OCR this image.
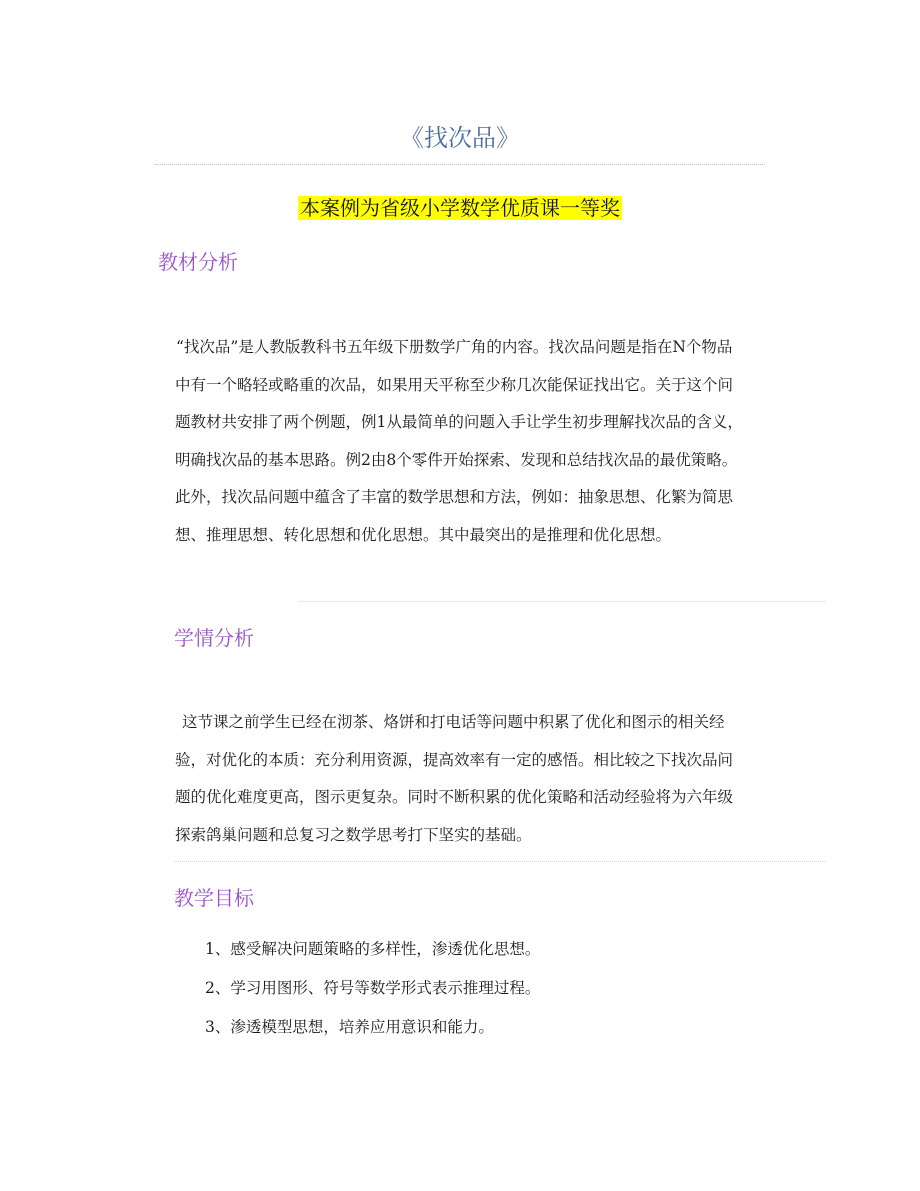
《找次品》
本案例为省级小学数学优质课一等奖
教材分析
“找次品”是人教版教科书五年级下册数学广角的内容。找次品问题是指在N个物品中有一个略轻或略重的次品，如果用天平称至少称几次能保证找出它。关于这个问题教材共安排了两个例题，例1从最简单的问题入手让学生初步理解找次品的含义，明确找次品的基本思路。例2由8个零件开始探索、发现和总结找次品的最优策略。此外，找次品问题中蕴含了丰富的数学思想和方法，例如：抽象思想、化繁为简思想、推理思想、转化思想和优化思想。其中最突出的是推理和优化思想。
学情分析
这节课之前学生已经在沏茶、烙饼和打电话等问题中积累了优化和图示的相关经验，对优化的本质：充分利用资源，提高效率有一定的感悟。相比较之下找次品问题的优化难度更高，图示更复杂。同时不断积累的优化策略和活动经验将为六年级探索鸽巢问题和总复习之数学思考打下坚实的基础。
教学目标
1、感受解决问题策略的多样性，渗透优化思想。
2、学习用图形、符号等数学形式表示推理过程。
3、渗透模型思想，培养应用意识和能力。
